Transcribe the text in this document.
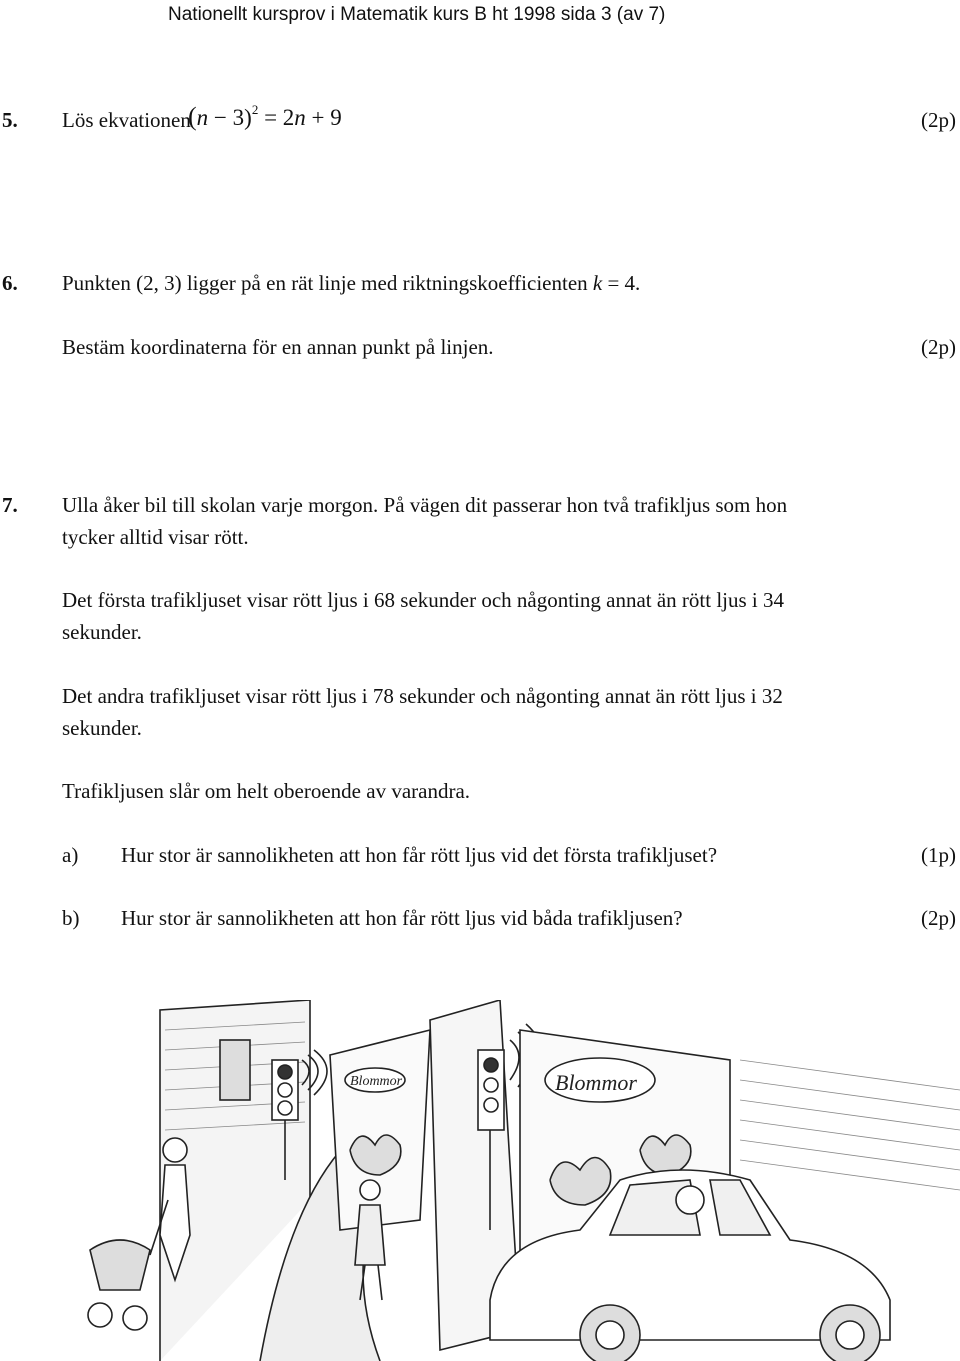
Nationellt kursprov i Matematik kurs B ht 1998 sida 3 (av 7)
5. Lös ekvationen
$(n - 3)^2 = 2n + 9$	(2p)
6. Punkten (2, 3) ligger på en rät linje med riktningskoefficienten k = 4.
Bestäm koordinaterna för en annan punkt på linjen.	(2p)
7. Ulla åker bil till skolan varje morgon. På vägen dit passerar hon två trafikljus som hon
tycker alltid visar rött.
Det första trafikljuset visar rött ljus i 68 sekunder och någonting annat än rött ljus i 34
sekunder.
Det andra trafikljuset visar rött ljus i 78 sekunder och någonting annat än rött ljus i 32
sekunder.
Trafikljusen slår om helt oberoende av varandra.
a) Hur stor är sannolikheten att hon får rött ljus vid det första trafikljuset?	(1p)
b) Hur stor är sannolikheten att hon får rött ljus vid båda trafikljusen?	(2p)
Blommor	Blommor
